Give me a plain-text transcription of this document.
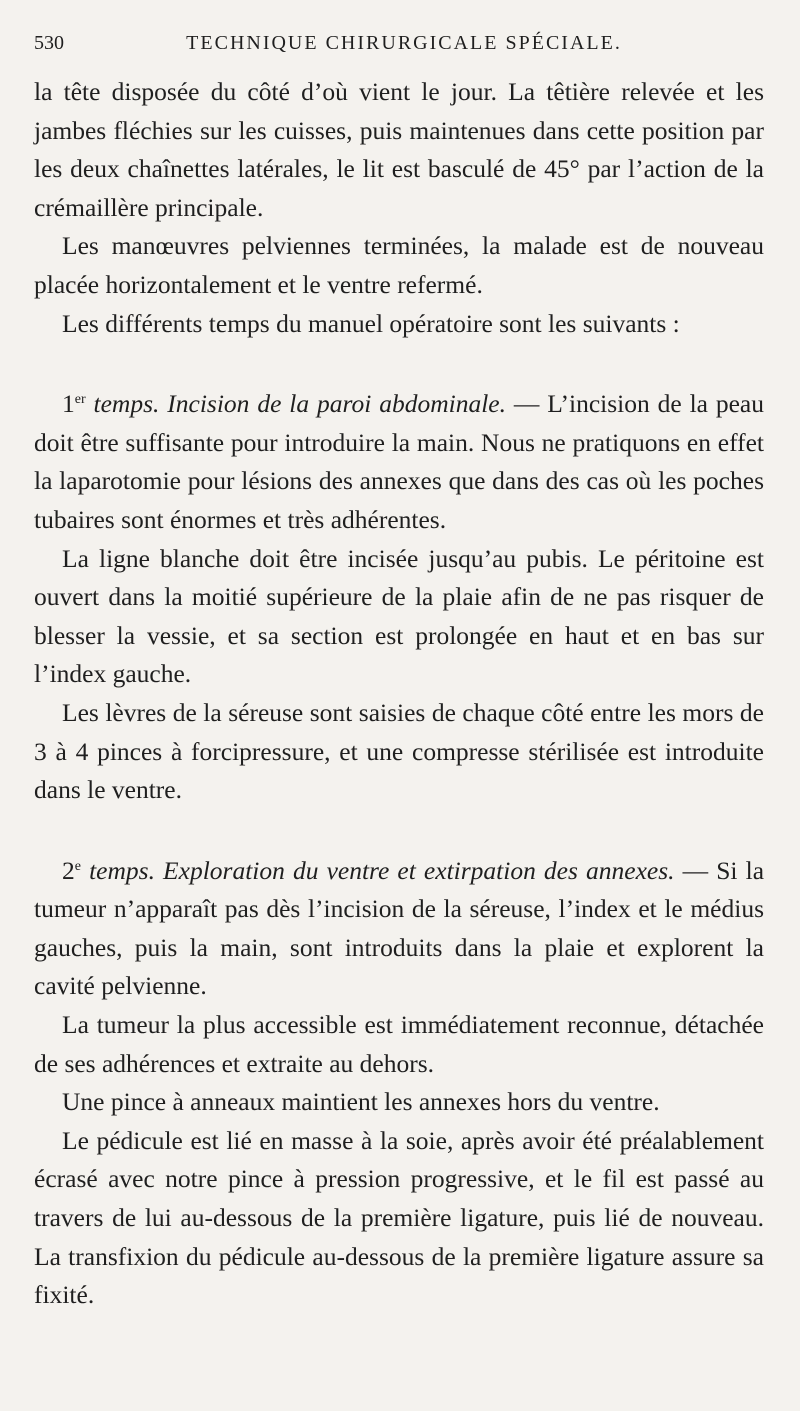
530	TECHNIQUE CHIRURGICALE SPÉCIALE.

la tête disposée du côté d’où vient le jour. La têtière relevée et les jambes fléchies sur les cuisses, puis maintenues dans cette position par les deux chaînettes latérales, le lit est basculé de 45° par l’action de la crémaillère principale.

Les manœuvres pelviennes terminées, la malade est de nouveau placée horizontalement et le ventre refermé.

Les différents temps du manuel opératoire sont les suivants :

1er temps. Incision de la paroi abdominale. — L’incision de la peau doit être suffisante pour introduire la main. Nous ne pratiquons en effet la laparotomie pour lésions des annexes que dans des cas où les poches tubaires sont énormes et très adhérentes.

La ligne blanche doit être incisée jusqu’au pubis. Le péritoine est ouvert dans la moitié supérieure de la plaie afin de ne pas risquer de blesser la vessie, et sa section est prolongée en haut et en bas sur l’index gauche.

Les lèvres de la séreuse sont saisies de chaque côté entre les mors de 3 à 4 pinces à forcipressure, et une compresse stérilisée est introduite dans le ventre.

2e temps. Exploration du ventre et extirpation des annexes. — Si la tumeur n’apparaît pas dès l’incision de la séreuse, l’index et le médius gauches, puis la main, sont introduits dans la plaie et explorent la cavité pelvienne.

La tumeur la plus accessible est immédiatement reconnue, détachée de ses adhérences et extraite au dehors.

Une pince à anneaux maintient les annexes hors du ventre.

Le pédicule est lié en masse à la soie, après avoir été préalablement écrasé avec notre pince à pression progressive, et le fil est passé au travers de lui au-dessous de la première ligature, puis lié de nouveau. La transfixion du pédicule au-dessous de la première ligature assure sa fixité.
